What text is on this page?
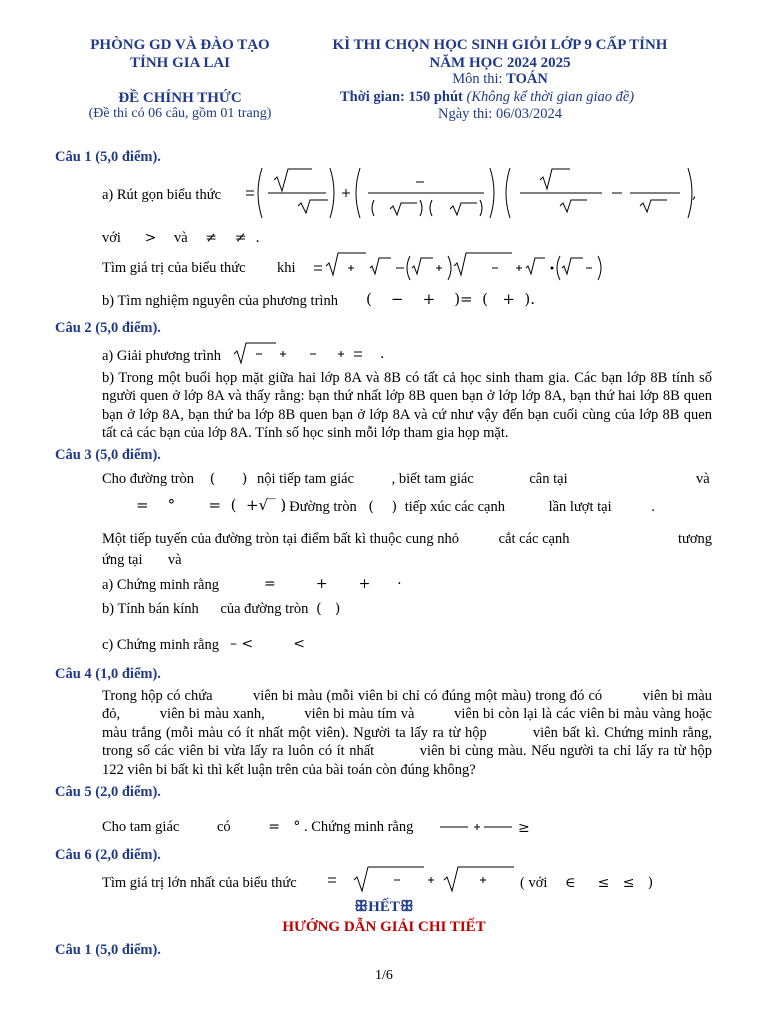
PHÒNG GD VÀ ĐÀO TẠO
TỈNH GIA LAI
ĐỀ CHÍNH THỨC
(Đề thi có 06 câu, gồm 01 trang)
KÌ THI CHỌN HỌC SINH GIỎI LỚP 9 CẤP TỈNH
NĂM HỌC 2024 2025
Môn thi: TOÁN
Thời gian: 150 phút (Không kể thời gian giao đề)
Ngày thi: 06/03/2024
Câu 1 (5,0 điểm).
a) Rút gọn biểu thức	,
với > và ≠    ≠  .
Tìm giá trị của biểu thức khi
b) Tìm nghiệm nguyên của phương trình (    −    +    )=  (   +  ).
Câu 2 (5,0 điểm).
a) Giải phương trình	.
b) Trong một buổi họp mặt giữa hai lớp 8A và 8B có tất cả học sinh tham gia. Các bạn lớp 8B tính số người quen ở lớp 8A và thấy rằng: bạn thứ nhất lớp 8B quen bạn ở lớp lớp 8A, bạn thứ hai lớp 8B quen bạn ở lớp 8A, bạn thứ ba lớp 8B quen bạn ở lớp 8A và cứ như vậy đến bạn cuối cùng của lớp 8B quen tất cả các bạn của lớp 8A. Tính số học sinh mỗi lớp tham gia họp mặt.
Câu 3 (5,0 điểm).
Cho đường tròn (      ) nội tiếp tam giác	, biết tam giác	cân tại	và
=    °       =  (  +√‾ )
. Đường tròn (    ) tiếp xúc các cạnh	lần lượt tại	.
Một tiếp tuyến của đường tròn tại điểm bất kì thuộc cung nhỏ	cắt các cạnh	tương
ứng tại       và
a) Chứng minh rằng	=         +       +      ·
b) Tính bán kính của đường tròn (   )
c) Chứng minh rằng – <         <
Câu 4 (1,0 điểm).
Trong hộp có chứa          viên bi màu (mỗi viên bi chỉ có đúng một màu) trong đó có          viên bi màu đỏ,          viên bi màu xanh,          viên bi màu tím và          viên bi còn lại là các viên bi màu vàng hoặc màu trắng (mỗi màu có ít nhất một viên). Người ta lấy ra từ hộp          viên bất kì. Chứng minh rằng, trong số các viên bi vừa lấy ra luôn có ít nhất          viên bi cùng màu. Nếu người ta chỉ lấy ra từ hộp          122 viên bi bất kì thì kết luận trên của bài toán còn đúng không?
Câu 5 (2,0 điểm).
Cho tam giác	có	=   ° . Chứng minh rằng	≥
Câu 6 (2,0 điểm).
Tìm giá trị lớn nhất của biểu thức	( với ∈     ≤   ≤   )
ꕥHẾTꕥ
HƯỚNG DẪN GIẢI CHI TIẾT
Câu 1 (5,0 điểm).
1/6
